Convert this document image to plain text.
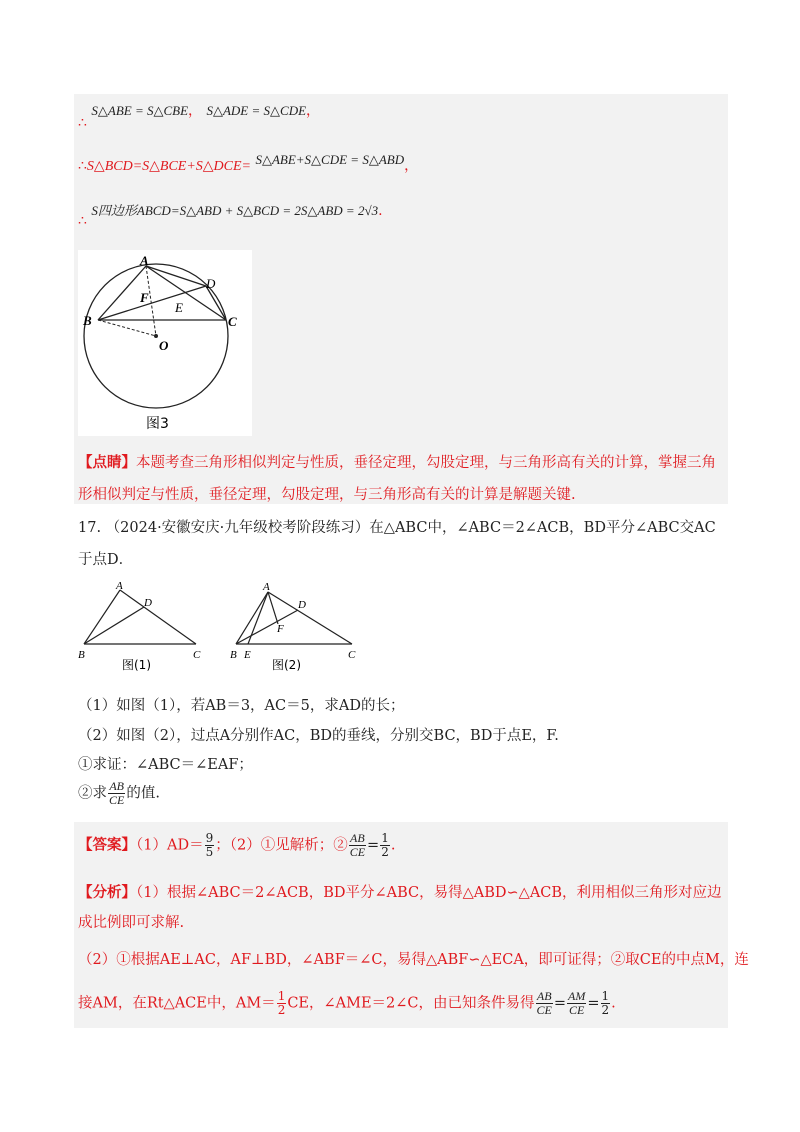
∴ S△ABE = S△CBE， S△ADE = S△CDE，
∴S△BCD=S△BCE+S△DCE= S△ABE+S△CDE = S△ABD，
∴ S四边形ABCD=S△ABD + S△BCD = 2S△ABD = 2√3.
A
D
F
E
B	C
O
图3
【点睛】本题考查三角形相似判定与性质，垂径定理，勾股定理，与三角形高有关的计算，掌握三角形相似判定与性质，垂径定理，勾股定理，与三角形高有关的计算是解题关键.
17. （2024·安徽安庆·九年级校考阶段练习）在△ABC中，∠ABC＝2∠ACB，BD平分∠ABC交AC于点D．
A
D
B	C
图(1)
A
D
F
B E	C
图(2)
（1）如图（1），若AB＝3，AC＝5，求AD的长；
（2）如图（2），过点A分别作AC，BD的垂线，分别交BC，BD于点E，F.
①求证：∠ABC＝∠EAF；
②求 $\frac{AB}{CE}$ 的值.
【答案】$(1)AD= \frac{9}{5}$ ；（2）①见解析；② $\frac{AB}{CE} = \frac{1}{2}$ .
【分析】（1）根据∠ABC＝2∠ACB，BD平分∠ABC，易得△ABD∽△ACB，利用相似三角形对应边成比例即可求解.
（2）①根据AE⊥AC，AF⊥BD，∠ABF＝∠C，易得△ABF∽△ECA，即可证得；②取CE的中点M，连
接AM，在Rt△ACE中，$AM= \frac{1}{2}$ CE，∠AME＝2∠C，由已知条件易得 $\frac{AB}{CE} = \frac{AM}{CE} = \frac{1}{2}$ .
